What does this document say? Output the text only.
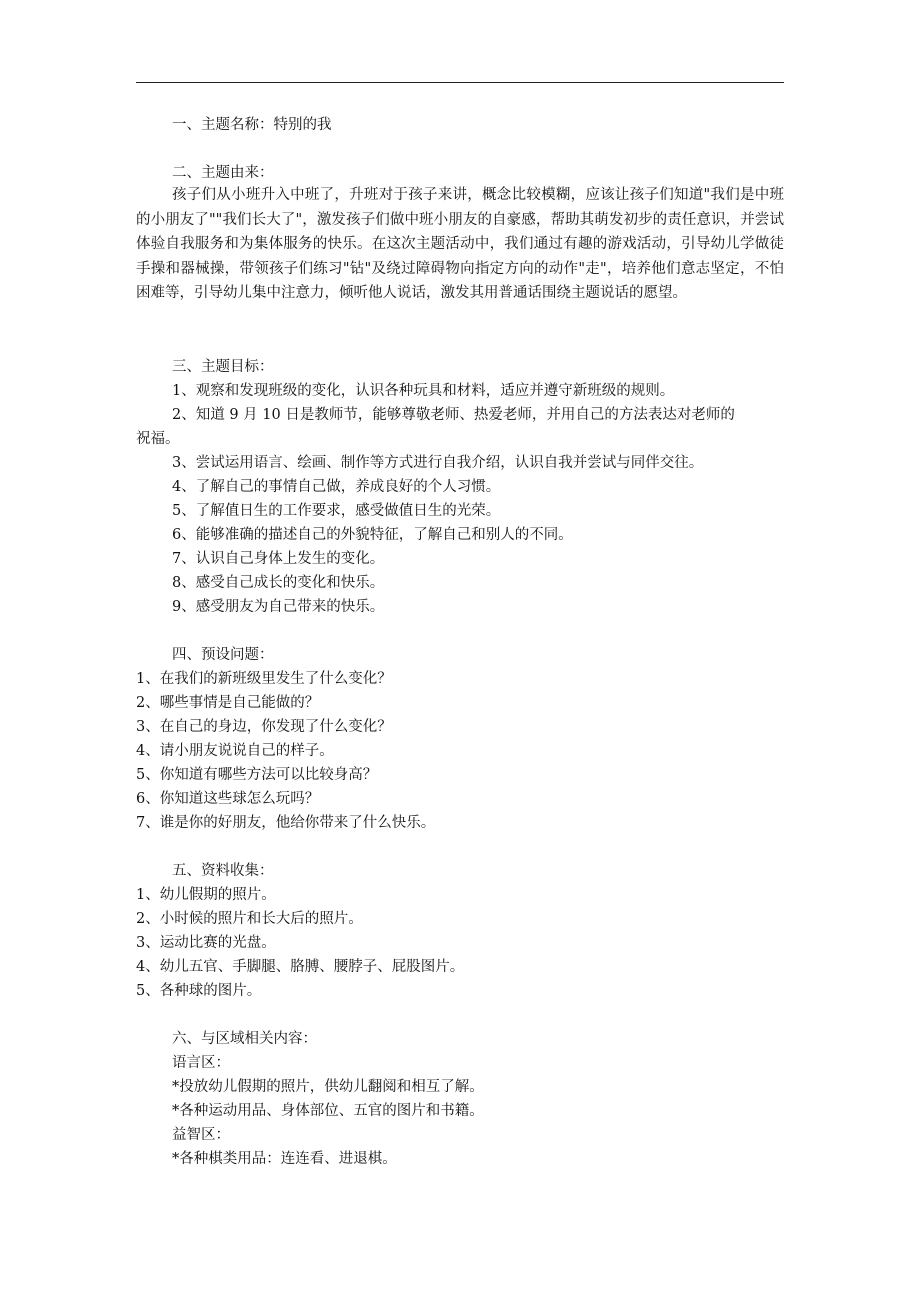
一、主题名称：特别的我
二、主题由来：
孩子们从小班升入中班了，升班对于孩子来讲，概念比较模糊，应该让孩子们知道"我们是中班的小朋友了""我们长大了"，激发孩子们做中班小朋友的自豪感，帮助其萌发初步的责任意识，并尝试体验自我服务和为集体服务的快乐。在这次主题活动中，我们通过有趣的游戏活动，引导幼儿学做徒手操和器械操，带领孩子们练习"钻"及绕过障碍物向指定方向的动作"走"，培养他们意志坚定，不怕困难等，引导幼儿集中注意力，倾听他人说话，激发其用普通话围绕主题说话的愿望。
三、主题目标：
1、观察和发现班级的变化，认识各种玩具和材料，适应并遵守新班级的规则。
2、知道 9 月 10 日是教师节，能够尊敬老师、热爱老师，并用自己的方法表达对老师的
祝福。
3、尝试运用语言、绘画、制作等方式进行自我介绍，认识自我并尝试与同伴交往。
4、了解自己的事情自己做，养成良好的个人习惯。
5、了解值日生的工作要求，感受做值日生的光荣。
6、能够准确的描述自己的外貌特征，了解自己和别人的不同。
7、认识自己身体上发生的变化。
8、感受自己成长的变化和快乐。
9、感受朋友为自己带来的快乐。
四、预设问题：
1、在我们的新班级里发生了什么变化？
2、哪些事情是自己能做的？
3、在自己的身边，你发现了什么变化？
4、请小朋友说说自己的样子。
5、你知道有哪些方法可以比较身高？
6、你知道这些球怎么玩吗？
7、谁是你的好朋友，他给你带来了什么快乐。
五、资料收集：
1、幼儿假期的照片。
2、小时候的照片和长大后的照片。
3、运动比赛的光盘。
4、幼儿五官、手脚腿、胳膊、腰脖子、屁股图片。
5、各种球的图片。
六、与区域相关内容：
语言区：
*投放幼儿假期的照片，供幼儿翻阅和相互了解。
*各种运动用品、身体部位、五官的图片和书籍。
益智区：
*各种棋类用品：连连看、进退棋。
